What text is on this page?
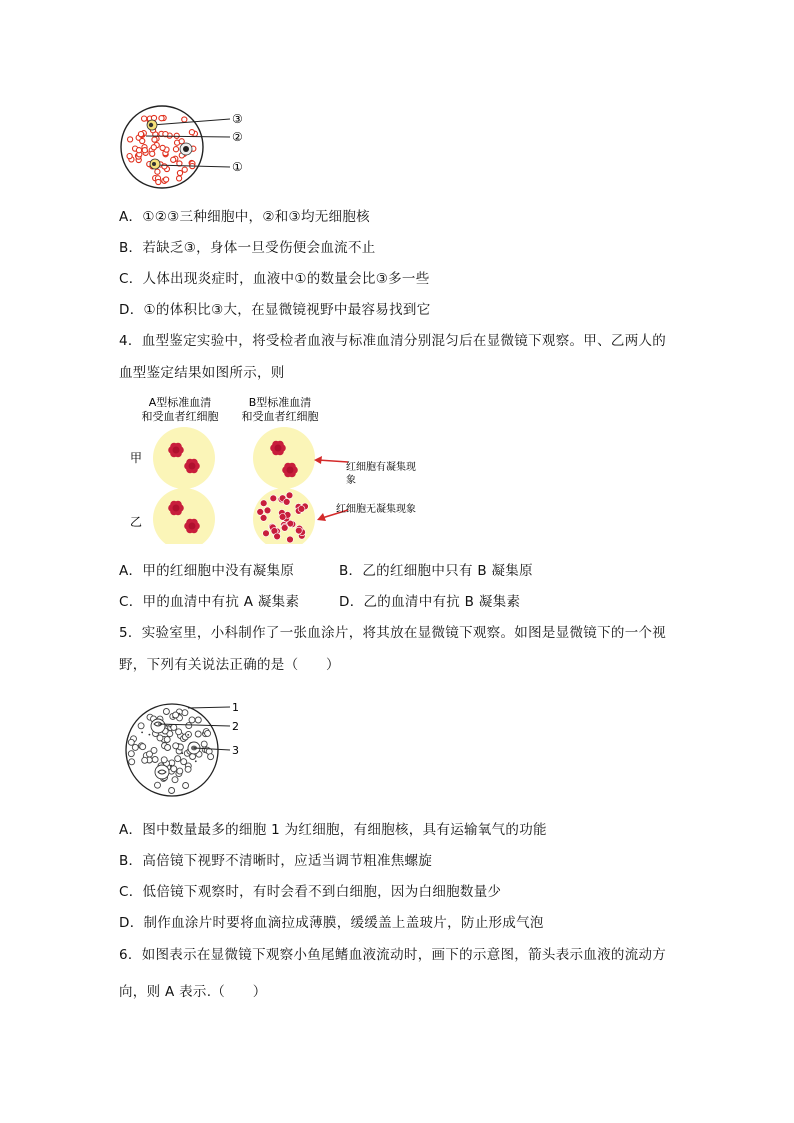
③
②
①
A．①②③三种细胞中，②和③均无细胞核
B．若缺乏③，身体一旦受伤便会血流不止
C．人体出现炎症时，血液中①的数量会比③多一些
D．①的体积比③大，在显微镜视野中最容易找到它
4．血型鉴定实验中，将受检者血液与标准血清分别混匀后在显微镜下观察。甲、乙两人的
血型鉴定结果如图所示，则
A型标准血清
和受血者红细胞
B型标准血清
和受血者红细胞
甲
乙
红细胞有凝集现
象
红细胞无凝集现象
A．甲的红细胞中没有凝集原	B．乙的红细胞中只有 B 凝集原
C．甲的血清中有抗 A 凝集素	D．乙的血清中有抗 B 凝集素
5．实验室里，小科制作了一张血涂片，将其放在显微镜下观察。如图是显微镜下的一个视
野，下列有关说法正确的是（　　）
1
2
3
A．图中数量最多的细胞 1 为红细胞，有细胞核，具有运输氧气的功能
B．高倍镜下视野不清晰时，应适当调节粗准焦螺旋
C．低倍镜下观察时，有时会看不到白细胞，因为白细胞数量少
D．制作血涂片时要将血滴拉成薄膜，缓缓盖上盖玻片，防止形成气泡
6．如图表示在显微镜下观察小鱼尾鳍血液流动时，画下的示意图，箭头表示血液的流动方
向，则 A 表示.（　　）
